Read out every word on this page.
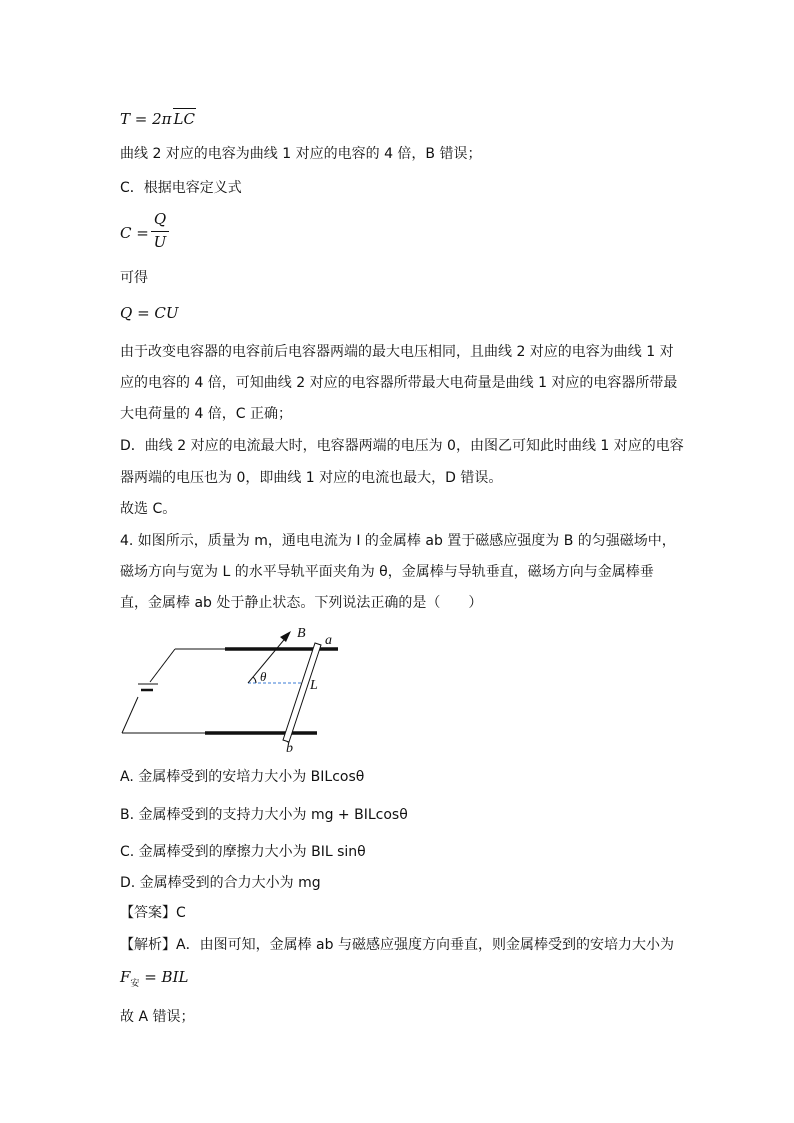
T = 2π LC
曲线 2 对应的电容为曲线 1 对应的电容的 4 倍，B 错误；
C．根据电容定义式
C =
Q
U
可得
Q = CU
由于改变电容器的电容前后电容器两端的最大电压相同，且曲线 2 对应的电容为曲线 1 对
应的电容的 4 倍，可知曲线 2 对应的电容器所带最大电荷量是曲线 1 对应的电容器所带最
大电荷量的 4 倍，C 正确；
D．曲线 2 对应的电流最大时，电容器两端的电压为 0，由图乙可知此时曲线 1 对应的电容
器两端的电压也为 0，即曲线 1 对应的电流也最大，D 错误。
故选 C。
4. 如图所示，质量为 m，通电电流为 I 的金属棒 ab 置于磁感应强度为 B 的匀强磁场中，
磁场方向与宽为 L 的水平导轨平面夹角为 θ，金属棒与导轨垂直，磁场方向与金属棒垂
直，金属棒 ab 处于静止状态。下列说法正确的是（　　）
B a
b
L
θ
A. 金属棒受到的安培力大小为 BILcosθ
B. 金属棒受到的支持力大小为 mg + BILcosθ
C. 金属棒受到的摩擦力大小为 BIL sinθ
D. 金属棒受到的合力大小为 mg
【答案】C
【解析】A．由图可知，金属棒 ab 与磁感应强度方向垂直，则金属棒受到的安培力大小为
$F_安$ = BIL
故 A 错误；
